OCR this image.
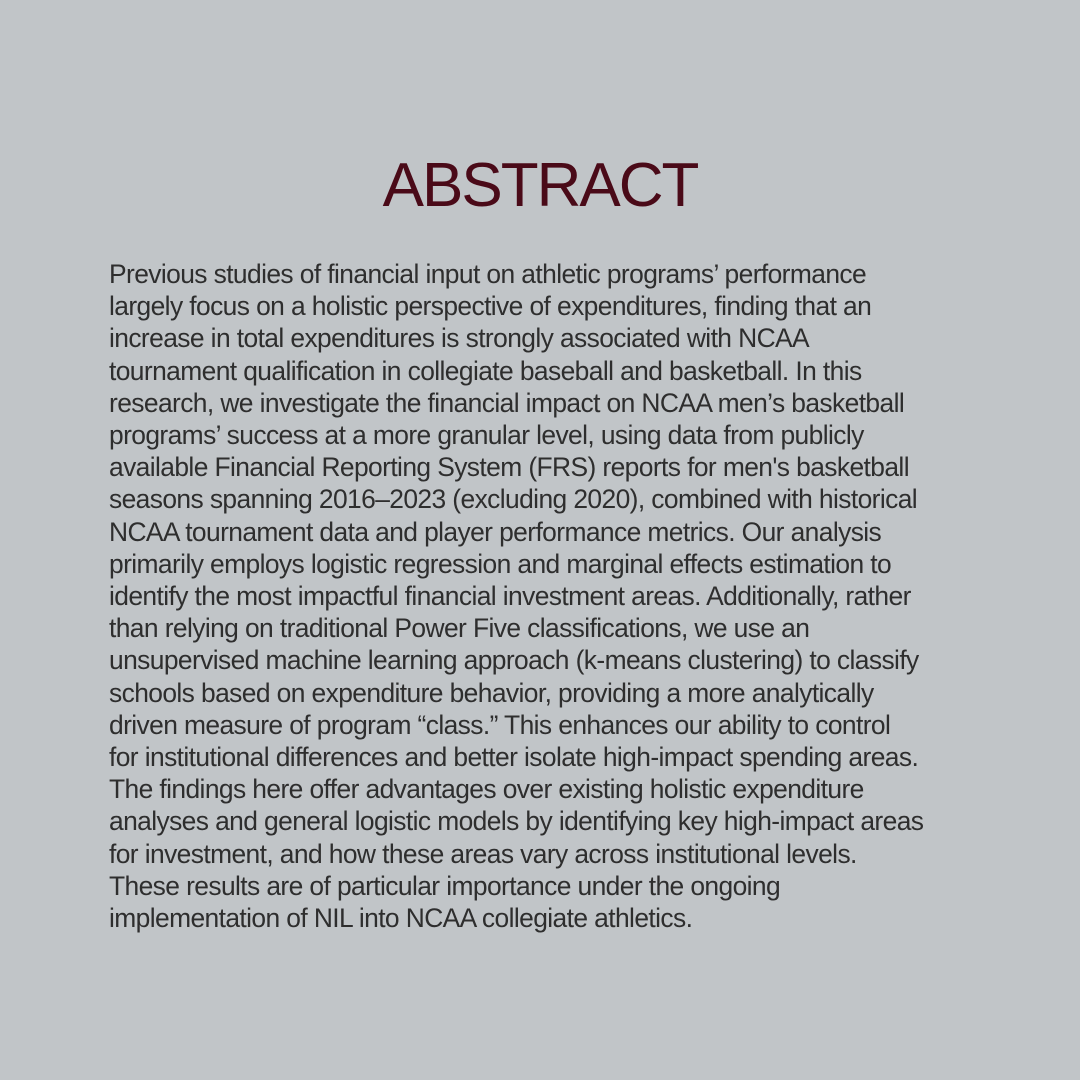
ABSTRACT
Previous studies of financial input on athletic programs’ performance
largely focus on a holistic perspective of expenditures, finding that an
increase in total expenditures is strongly associated with NCAA
tournament qualification in collegiate baseball and basketball. In this
research, we investigate the financial impact on NCAA men’s basketball
programs’ success at a more granular level, using data from publicly
available Financial Reporting System (FRS) reports for men's basketball
seasons spanning 2016–2023 (excluding 2020), combined with historical
NCAA tournament data and player performance metrics. Our analysis
primarily employs logistic regression and marginal effects estimation to
identify the most impactful financial investment areas. Additionally, rather
than relying on traditional Power Five classifications, we use an
unsupervised machine learning approach (k-means clustering) to classify
schools based on expenditure behavior, providing a more analytically
driven measure of program “class.” This enhances our ability to control
for institutional differences and better isolate high-impact spending areas.
The findings here offer advantages over existing holistic expenditure
analyses and general logistic models by identifying key high-impact areas
for investment, and how these areas vary across institutional levels.
These results are of particular importance under the ongoing
implementation of NIL into NCAA collegiate athletics.
